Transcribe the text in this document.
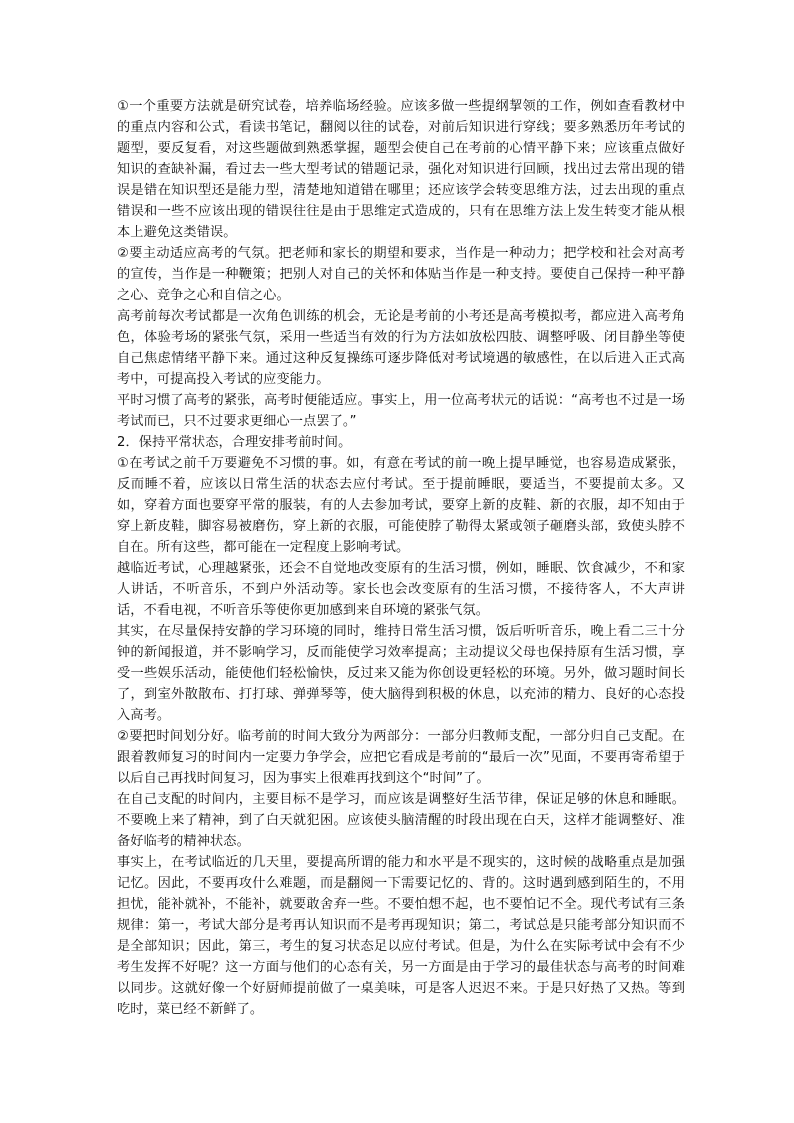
①一个重要方法就是研究试卷，培养临场经验。应该多做一些提纲挈领的工作，例如查看教材中的重点内容和公式，看读书笔记，翻阅以往的试卷，对前后知识进行穿线；要多熟悉历年考试的题型，要反复看，对这些题做到熟悉掌握，题型会使自己在考前的心情平静下来；应该重点做好知识的查缺补漏，看过去一些大型考试的错题记录，强化对知识进行回顾，找出过去常出现的错误是错在知识型还是能力型，清楚地知道错在哪里；还应该学会转变思维方法，过去出现的重点错误和一些不应该出现的错误往往是由于思维定式造成的，只有在思维方法上发生转变才能从根本上避免这类错误。

②要主动适应高考的气氛。把老师和家长的期望和要求，当作是一种动力；把学校和社会对高考的宣传，当作是一种鞭策；把别人对自己的关怀和体贴当作是一种支持。要使自己保持一种平静之心、竞争之心和自信之心。

高考前每次考试都是一次角色训练的机会，无论是考前的小考还是高考模拟考，都应进入高考角色，体验考场的紧张气氛，采用一些适当有效的行为方法如放松四肢、调整呼吸、闭目静坐等使自己焦虑情绪平静下来。通过这种反复操练可逐步降低对考试境遇的敏感性，在以后进入正式高考中，可提高投入考试的应变能力。

平时习惯了高考的紧张，高考时便能适应。事实上，用一位高考状元的话说：“高考也不过是一场考试而已，只不过要求更细心一点罢了。”

2．保持平常状态，合理安排考前时间。

①在考试之前千万要避免不习惯的事。如，有意在考试的前一晚上提早睡觉，也容易造成紧张，反而睡不着，应该以日常生活的状态去应付考试。至于提前睡眠，要适当，不要提前太多。又如，穿着方面也要穿平常的服装，有的人去参加考试，要穿上新的皮鞋、新的衣服，却不知由于穿上新皮鞋，脚容易被磨伤，穿上新的衣服，可能使脖了勒得太紧或领子砸磨头部，致使头脖不自在。所有这些，都可能在一定程度上影响考试。

越临近考试，心理越紧张，还会不自觉地改变原有的生活习惯，例如，睡眠、饮食减少，不和家人讲话，不听音乐，不到户外活动等。家长也会改变原有的生活习惯，不接待客人，不大声讲话，不看电视，不听音乐等使你更加感到来自环境的紧张气氛。

其实，在尽量保持安静的学习环境的同时，维持日常生活习惯，饭后听听音乐，晚上看二三十分钟的新闻报道，并不影响学习，反而能使学习效率提高；主动提议父母也保持原有生活习惯，享受一些娱乐活动，能使他们轻松愉快，反过来又能为你创设更轻松的环境。另外，做习题时间长了，到室外散散布、打打球、弹弹琴等，使大脑得到积极的休息，以充沛的精力、良好的心态投入高考。

②要把时间划分好。临考前的时间大致分为两部分：一部分归教师支配，一部分归自己支配。在跟着教师复习的时间内一定要力争学会，应把它看成是考前的“最后一次”见面，不要再寄希望于以后自己再找时间复习，因为事实上很难再找到这个“时间”了。

在自己支配的时间内，主要目标不是学习，而应该是调整好生活节律，保证足够的休息和睡眠。不要晚上来了精神，到了白天就犯困。应该使头脑清醒的时段出现在白天，这样才能调整好、准备好临考的精神状态。

事实上，在考试临近的几天里，要提高所谓的能力和水平是不现实的，这时候的战略重点是加强记忆。因此，不要再攻什么难题，而是翻阅一下需要记忆的、背的。这时遇到感到陌生的，不用担忧，能补就补，不能补，就要敢舍弃一些。不要怕想不起，也不要怕记不全。现代考试有三条规律：第一，考试大部分是考再认知识而不是考再现知识；第二，考试总是只能考部分知识而不是全部知识；因此，第三，考生的复习状态足以应付考试。但是，为什么在实际考试中会有不少考生发挥不好呢？这一方面与他们的心态有关，另一方面是由于学习的最佳状态与高考的时间难以同步。这就好像一个好厨师提前做了一桌美味，可是客人迟迟不来。于是只好热了又热。等到吃时，菜已经不新鲜了。
